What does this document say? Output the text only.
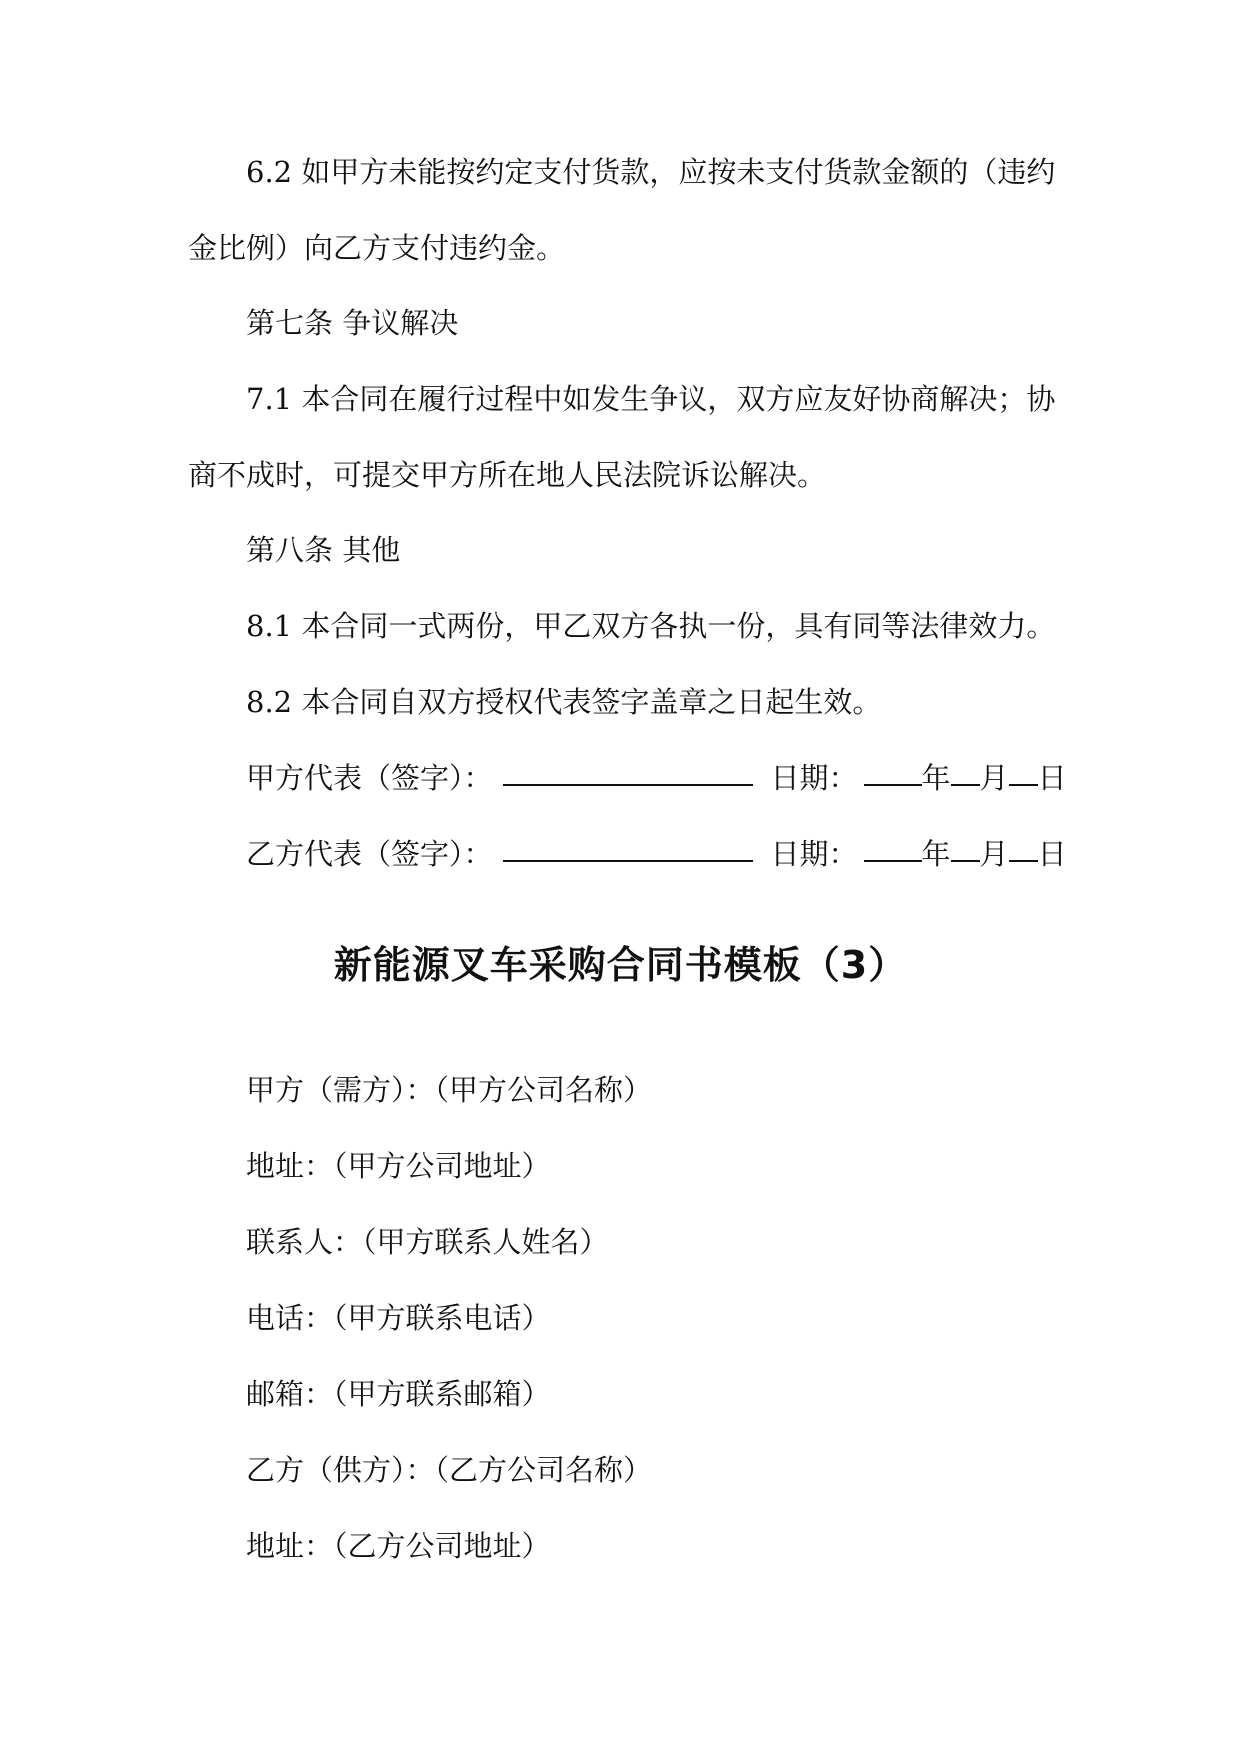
6.2 如甲方未能按约定支付货款，应按未支付货款金额的（违约
金比例）向乙方支付违约金。
第七条 争议解决
7.1 本合同在履行过程中如发生争议，双方应友好协商解决；协
商不成时，可提交甲方所在地人民法院诉讼解决。
第八条 其他
8.1 本合同一式两份，甲乙双方各执一份，具有同等法律效力。
8.2 本合同自双方授权代表签字盖章之日起生效。
甲方代表（签字）：	日期： 年 月 日
乙方代表（签字）：	日期： 年 月 日
新能源叉车采购合同书模板（3）
甲方（需方）：（甲方公司名称）
地址：（甲方公司地址）
联系人：（甲方联系人姓名）
电话：（甲方联系电话）
邮箱：（甲方联系邮箱）
乙方（供方）：（乙方公司名称）
地址：（乙方公司地址）
